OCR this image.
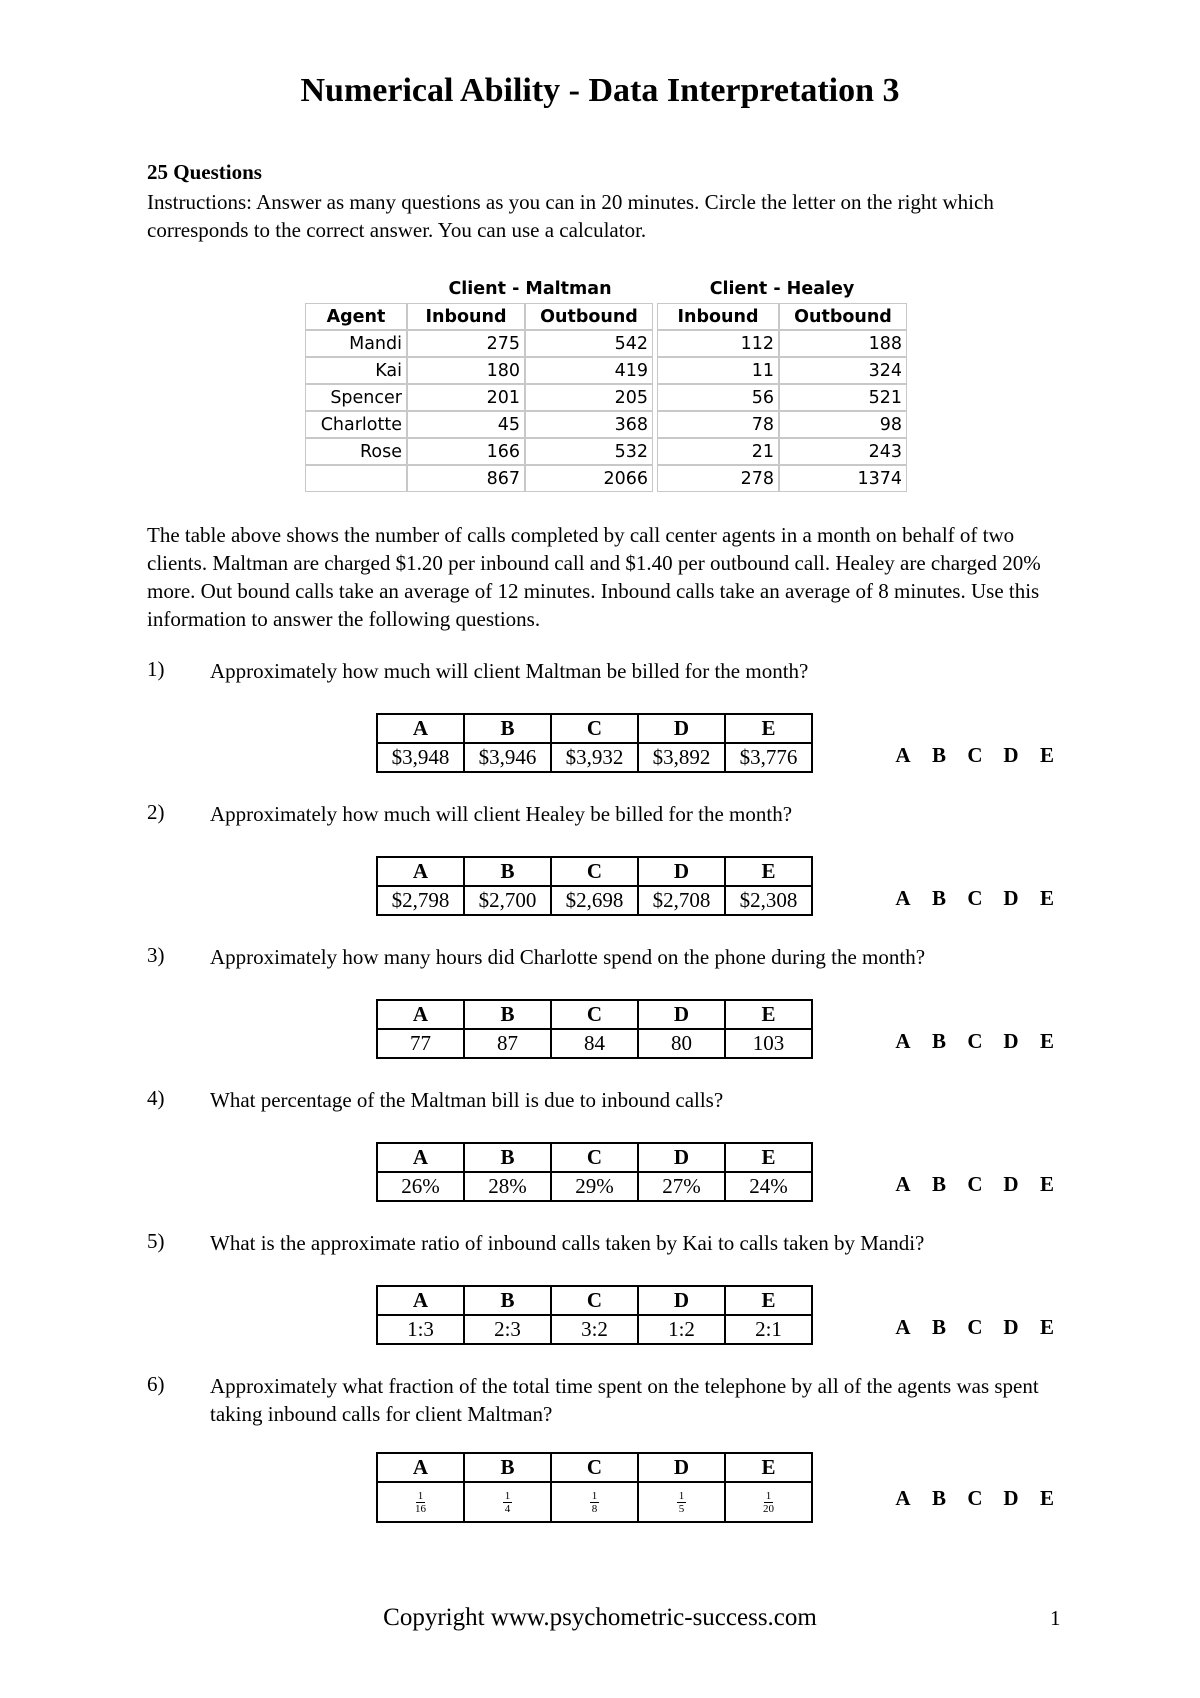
Numerical Ability - Data Interpretation 3
25 Questions
Instructions: Answer as many questions as you can in 20 minutes. Circle the letter on the right which corresponds to the correct answer. You can use a calculator.
	Client - Maltman			Client - Healey	
Agent	Inbound	Outbound		Inbound	Outbound
Mandi	275	542		112	188
Kai	180	419		11	324
Spencer	201	205		56	521
Charlotte	45	368		78	98
Rose	166	532		21	243
	867	2066		278	1374
The table above shows the number of calls completed by call center agents in a month on behalf of two clients. Maltman are charged $1.20 per inbound call and $1.40 per outbound call. Healey are charged 20% more. Out bound calls take an average of 12 minutes. Inbound calls take an average of 8 minutes. Use this information to answer the following questions.
1) Approximately how much will client Maltman be billed for the month?
A	B	C	D	E
$3,948	$3,946	$3,932	$3,892	$3,776	A B C D E
2) Approximately how much will client Healey be billed for the month?
A	B	C	D	E
$2,798	$2,700	$2,698	$2,708	$2,308	A B C D E
3) Approximately how many hours did Charlotte spend on the phone during the month?
A	B	C	D	E
77	87	84	80	103	A B C D E
4) What percentage of the Maltman bill is due to inbound calls?
A	B	C	D	E
26%	28%	29%	27%	24%	A B C D E
5) What is the approximate ratio of inbound calls taken by Kai to calls taken by Mandi?
A	B	C	D	E
1:3	2:3	3:2	1:2	2:1	A B C D E
6) Approximately what fraction of the total time spent on the telephone by all of the agents was spent taking inbound calls for client Maltman?
A	B	C	D	E

$\frac{1}{16}$	$\frac{1}{4}$	$\frac{1}{8}$	$\frac{1}{5}$	$\frac{1}{20}$	A B C D E
Copyright www.psychometric-success.com	1
